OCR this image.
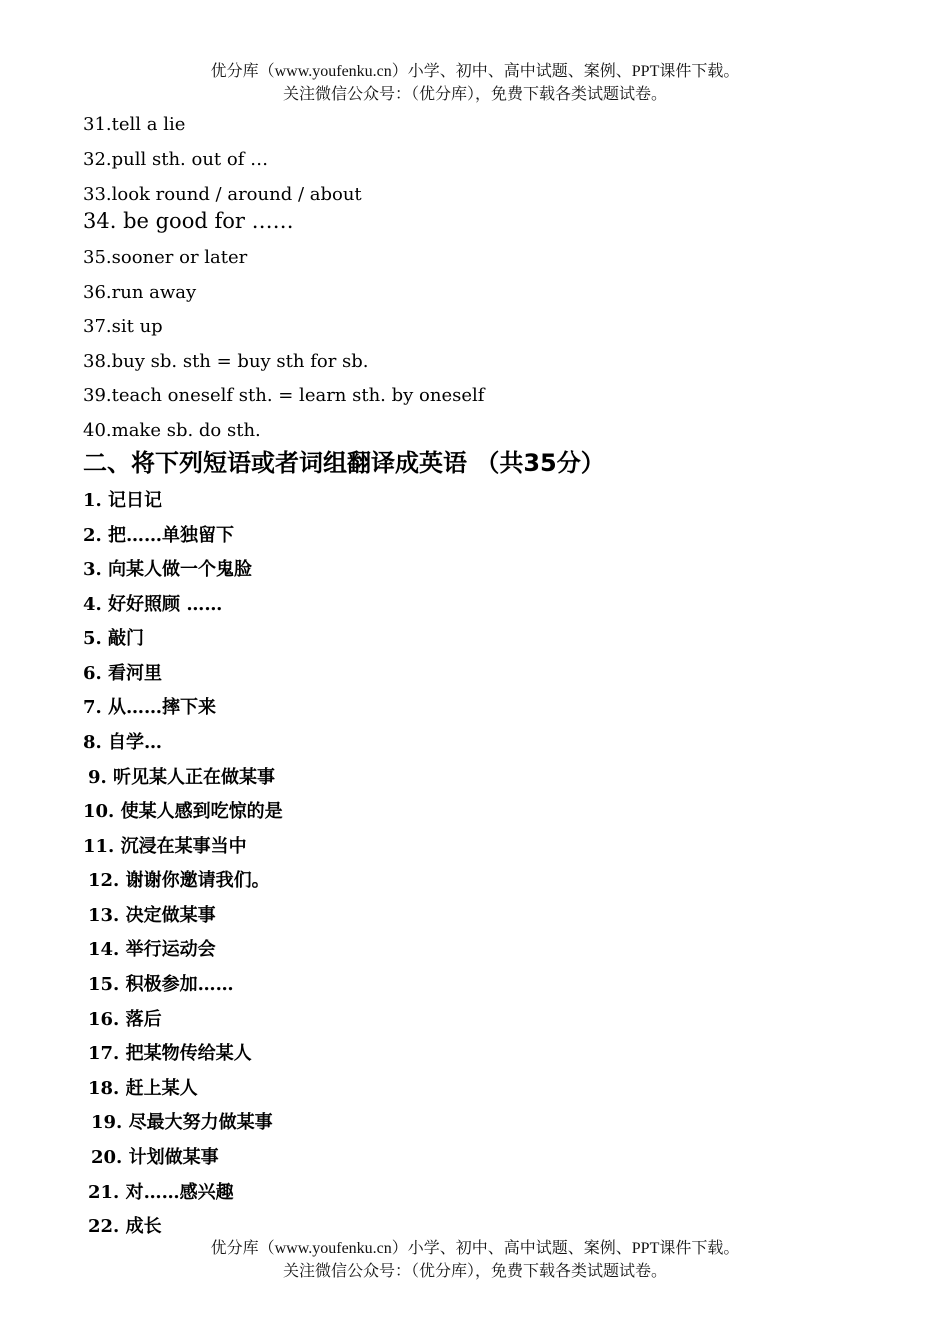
优分库（www.youfenku.cn）小学、初中、高中试题、案例、PPT课件下载。
关注微信公众号：（优分库），免费下载各类试题试卷。
31.tell a lie
32.pull sth. out of …
33.look round / around / about
34. be good for ……
35.sooner or later
36.run away
37.sit up
38.buy sb. sth = buy sth for sb.
39.teach oneself sth. = learn sth. by oneself
40.make sb. do sth.
二、将下列短语或者词组翻译成英语 （共35分）
1. 记日记
2. 把……单独留下
3. 向某人做一个鬼脸
4. 好好照顾 ……
5. 敲门
6. 看河里
7. 从……摔下来
8. 自学…
9. 听见某人正在做某事
10. 使某人感到吃惊的是
11. 沉浸在某事当中
12. 谢谢你邀请我们。
13. 决定做某事
14. 举行运动会
15. 积极参加……
16. 落后
17. 把某物传给某人
18. 赶上某人
19. 尽最大努力做某事
20. 计划做某事
21. 对……感兴趣
22. 成长
优分库（www.youfenku.cn）小学、初中、高中试题、案例、PPT课件下载。
关注微信公众号：（优分库），免费下载各类试题试卷。
